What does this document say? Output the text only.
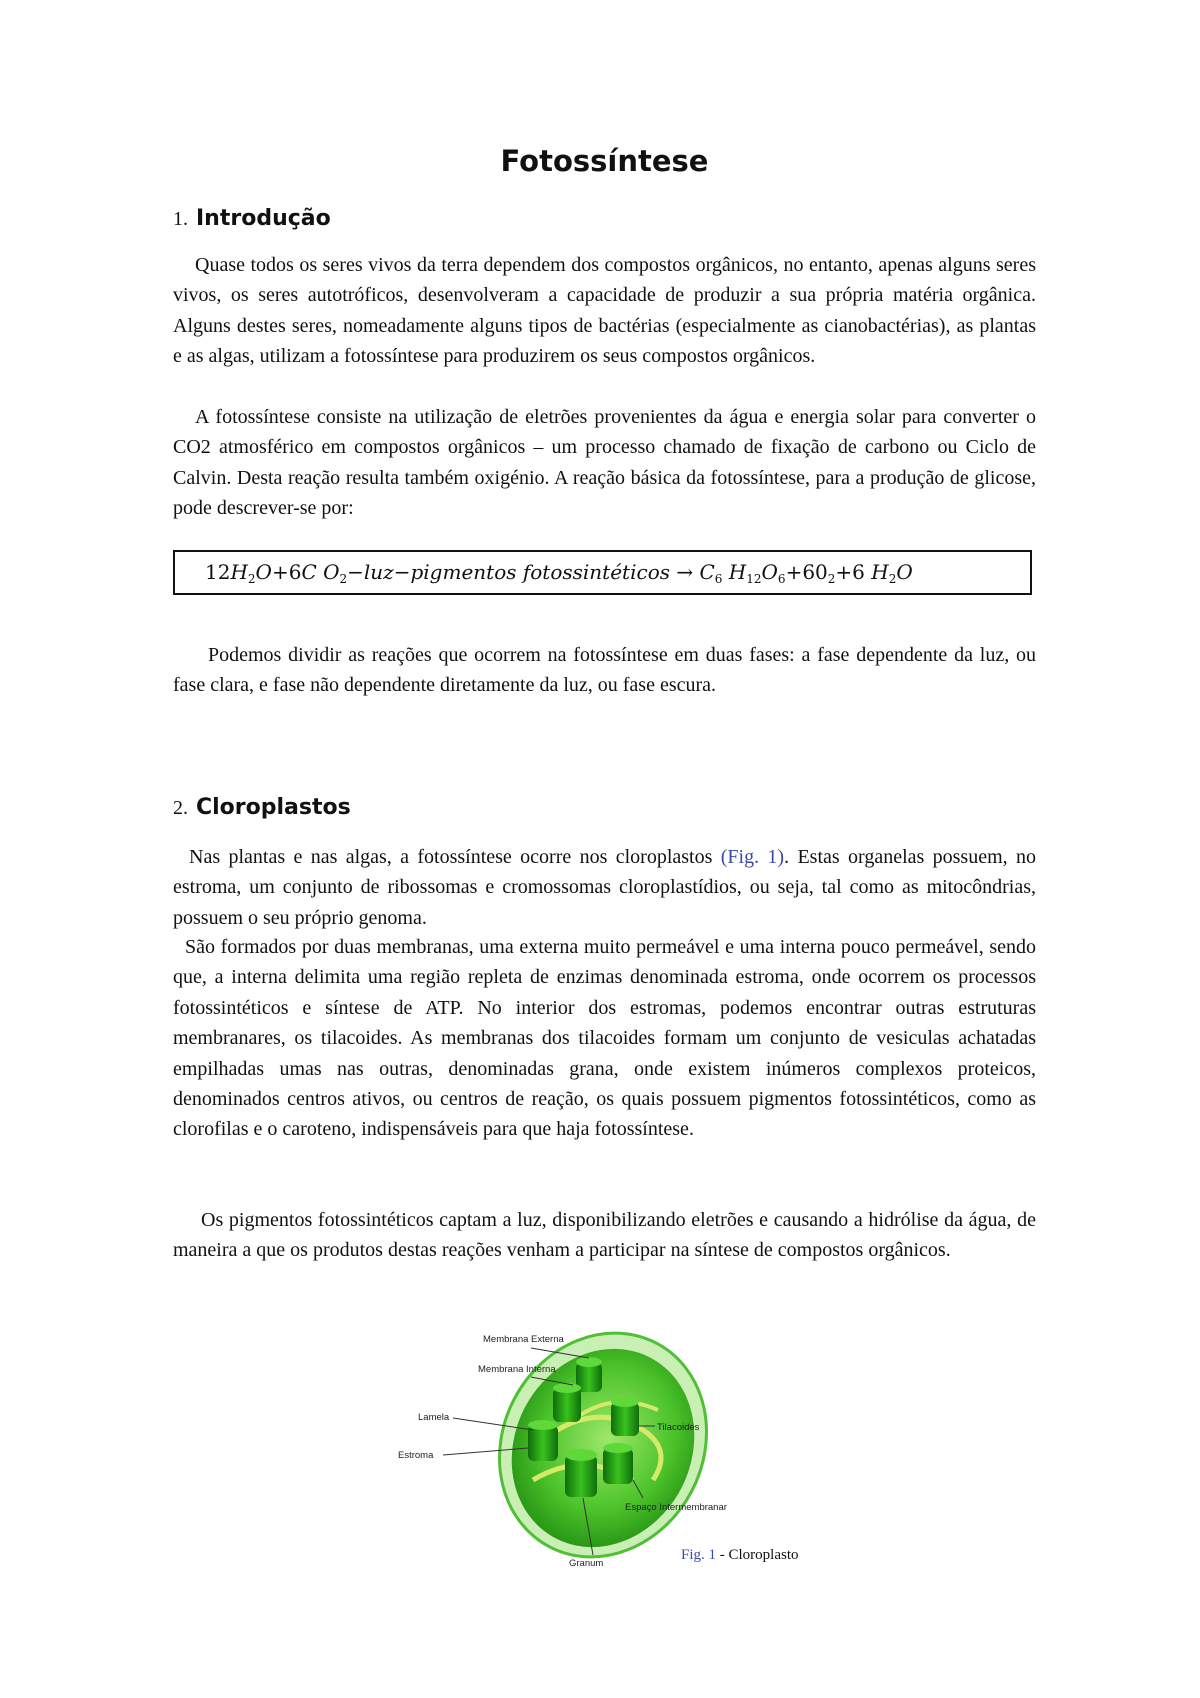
Fotossíntese
1. Introdução

Quase todos os seres vivos da terra dependem dos compostos orgânicos, no entanto, apenas alguns seres vivos, os seres autotróficos, desenvolveram a capacidade de produzir a sua própria matéria orgânica. Alguns destes seres, nomeadamente alguns tipos de bactérias (especialmente as cianobactérias), as plantas e as algas, utilizam a fotossíntese para produzirem os seus compostos orgânicos.

A fotossíntese consiste na utilização de eletrões provenientes da água e energia solar para converter o CO2 atmosférico em compostos orgânicos – um processo chamado de fixação de carbono ou Ciclo de Calvin. Desta reação resulta também oxigénio. A reação básica da fotossíntese, para a produção de glicose, pode descrever-se por:

$12H_2O+6C$ $O_2-luz-pigmentos$ fotossintéticos → $C_6$ $H_{12}O_6+60_2+6$ $H_2O$

Podemos dividir as reações que ocorrem na fotossíntese em duas fases: a fase dependente da luz, ou fase clara, e fase não dependente diretamente da luz, ou fase escura.

2. Cloroplastos

Nas plantas e nas algas, a fotossíntese ocorre nos cloroplastos (Fig. 1). Estas organelas possuem, no estroma, um conjunto de ribossomas e cromossomas cloroplastídios, ou seja, tal como as mitocôndrias, possuem o seu próprio genoma.

São formados por duas membranas, uma externa muito permeável e uma interna pouco permeável, sendo que, a interna delimita uma região repleta de enzimas denominada estroma, onde ocorrem os processos fotossintéticos e síntese de ATP. No interior dos estromas, podemos encontrar outras estruturas membranares, os tilacoides. As membranas dos tilacoides formam um conjunto de vesiculas achatadas empilhadas umas nas outras, denominadas grana, onde existem inúmeros complexos proteicos, denominados centros ativos, ou centros de reação, os quais possuem pigmentos fotossintéticos, como as clorofilas e o caroteno, indispensáveis para que haja fotossíntese.

Os pigmentos fotossintéticos captam a luz, disponibilizando eletrões e causando a hidrólise da água, de maneira a que os produtos destas reações venham a participar na síntese de compostos orgânicos.

Membrana Externa
Membrana Interna
Lamela
Tilacoides
Estroma
Espaço Intermembranar
Granum
Fig. 1 - Cloroplasto
